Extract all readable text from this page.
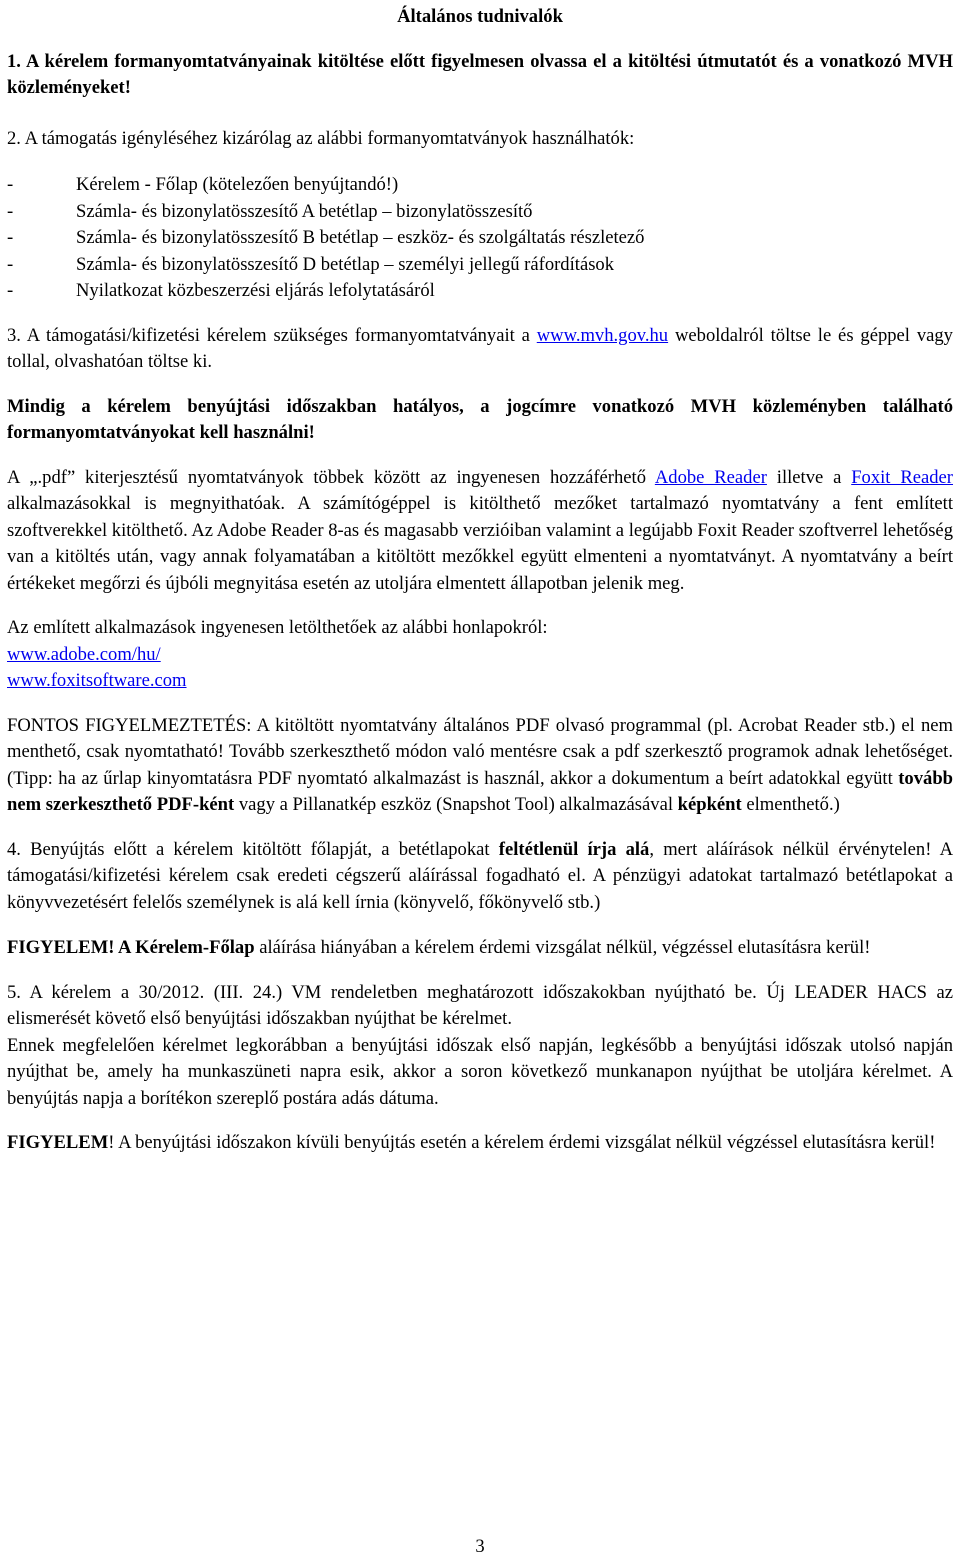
Általános tudnivalók

1. A kérelem formanyomtatványainak kitöltése előtt figyelmesen olvassa el a kitöltési útmutatót és a vonatkozó MVH közleményeket!

2. A támogatás igényléséhez kizárólag az alábbi formanyomtatványok használhatók:

-	Kérelem - Főlap (kötelezően benyújtandó!)
-	Számla- és bizonylatösszesítő A betétlap – bizonylatösszesítő
-	Számla- és bizonylatösszesítő B betétlap – eszköz- és szolgáltatás részletező
-	Számla- és bizonylatösszesítő D betétlap – személyi jellegű ráfordítások
-	Nyilatkozat közbeszerzési eljárás lefolytatásáról

3. A támogatási/kifizetési kérelem szükséges formanyomtatványait a www.mvh.gov.hu weboldalról töltse le és géppel vagy tollal, olvashatóan töltse ki.

Mindig a kérelem benyújtási időszakban hatályos, a jogcímre vonatkozó MVH közleményben található formanyomtatványokat kell használni!

A „.pdf” kiterjesztésű nyomtatványok többek között az ingyenesen hozzáférhető Adobe Reader illetve a Foxit Reader alkalmazásokkal is megnyithatóak. A számítógéppel is kitölthető mezőket tartalmazó nyomtatvány a fent említett szoftverekkel kitölthető. Az Adobe Reader 8-as és magasabb verzióiban valamint a legújabb Foxit Reader szoftverrel lehetőség van a kitöltés után, vagy annak folyamatában a kitöltött mezőkkel együtt elmenteni a nyomtatványt. A nyomtatvány a beírt értékeket megőrzi és újbóli megnyitása esetén az utoljára elmentett állapotban jelenik meg.

Az említett alkalmazások ingyenesen letölthetőek az alábbi honlapokról:

www.adobe.com/hu/

www.foxitsoftware.com

FONTOS FIGYELMEZTETÉS: A kitöltött nyomtatvány általános PDF olvasó programmal (pl. Acrobat Reader stb.) el nem menthető, csak nyomtatható! Tovább szerkeszthető módon való mentésre csak a pdf szerkesztő programok adnak lehetőséget. (Tipp: ha az űrlap kinyomtatásra PDF nyomtató alkalmazást is használ, akkor a dokumentum a beírt adatokkal együtt tovább nem szerkeszthető PDF-ként vagy a Pillanatkép eszköz (Snapshot Tool) alkalmazásával képként elmenthető.)

4. Benyújtás előtt a kérelem kitöltött főlapját, a betétlapokat feltétlenül írja alá, mert aláírások nélkül érvénytelen! A támogatási/kifizetési kérelem csak eredeti cégszerű aláírással fogadható el. A pénzügyi adatokat tartalmazó betétlapokat a könyvvezetésért felelős személynek is alá kell írnia (könyvelő, főkönyvelő stb.)

FIGYELEM! A Kérelem-Főlap aláírása hiányában a kérelem érdemi vizsgálat nélkül, végzéssel elutasításra kerül!

5. A kérelem a 30/2012. (III. 24.) VM rendeletben meghatározott időszakokban nyújtható be. Új LEADER HACS az elismerését követő első benyújtási időszakban nyújthat be kérelmet.

Ennek megfelelően kérelmet legkorábban a benyújtási időszak első napján, legkésőbb a benyújtási időszak utolsó napján nyújthat be, amely ha munkaszüneti napra esik, akkor a soron következő munkanapon nyújthat be utoljára kérelmet. A benyújtás napja a borítékon szereplő postára adás dátuma.

FIGYELEM! A benyújtási időszakon kívüli benyújtás esetén a kérelem érdemi vizsgálat nélkül végzéssel elutasításra kerül!

3
